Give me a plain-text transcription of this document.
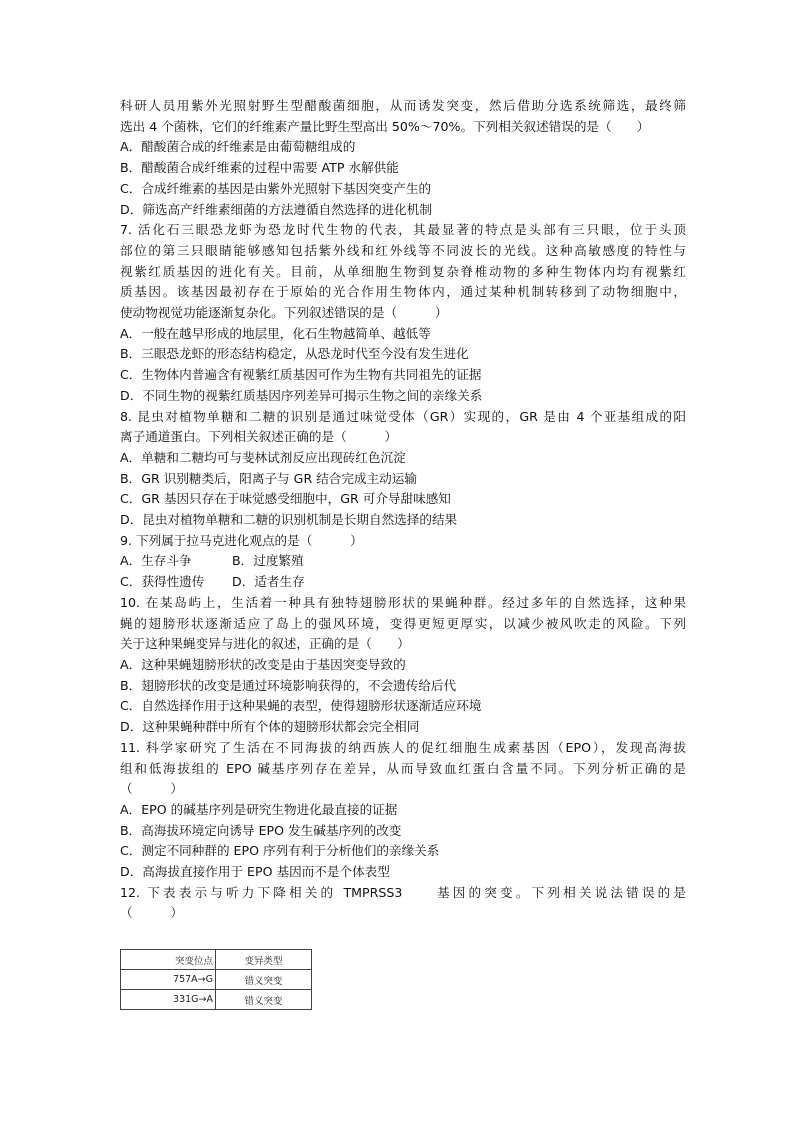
科研人员用紫外光照射野生型醋酸菌细胞，从而诱发突变，然后借助分选系统筛选，最终筛
选出 4 个菌株，它们的纤维素产量比野生型高出 50%～70%。下列相关叙述错误的是（　　）
A．醋酸菌合成的纤维素是由葡萄糖组成的
B．醋酸菌合成纤维素的过程中需要 ATP 水解供能
C．合成纤维素的基因是由紫外光照射下基因突变产生的
D．筛选高产纤维素细菌的方法遵循自然选择的进化机制
7. 活化石三眼恐龙虾为恐龙时代生物的代表，其最显著的特点是头部有三只眼，位于头顶
部位的第三只眼睛能够感知包括紫外线和红外线等不同波长的光线。这种高敏感度的特性与
视紫红质基因的进化有关。目前，从单细胞生物到复杂脊椎动物的多种生物体内均有视紫红
质基因。该基因最初存在于原始的光合作用生物体内，通过某种机制转移到了动物细胞中，
使动物视觉功能逐渐复杂化。下列叙述错误的是（　　　）
A．一般在越早形成的地层里，化石生物越简单、越低等
B．三眼恐龙虾的形态结构稳定，从恐龙时代至今没有发生进化
C．生物体内普遍含有视紫红质基因可作为生物有共同祖先的证据
D．不同生物的视紫红质基因序列差异可揭示生物之间的亲缘关系
8. 昆虫对植物单糖和二糖的识别是通过味觉受体（GR）实现的，GR 是由 4 个亚基组成的阳
离子通道蛋白。下列相关叙述正确的是（　　　）
A．单糖和二糖均可与斐林试剂反应出现砖红色沉淀
B．GR 识别糖类后，阳离子与 GR 结合完成主动运输
C．GR 基因只存在于味觉感受细胞中，GR 可介导甜味感知
D．昆虫对植物单糖和二糖的识别机制是长期自然选择的结果
9. 下列属于拉马克进化观点的是（　　　）
A．生存斗争	B．过度繁殖
C．获得性遗传 D．适者生存
10. 在某岛屿上，生活着一种具有独特翅膀形状的果蝇种群。经过多年的自然选择，这种果
蝇的翅膀形状逐渐适应了岛上的强风环境，变得更短更厚实，以减少被风吹走的风险。下列
关于这种果蝇变异与进化的叙述，正确的是（　　）
A．这种果蝇翅膀形状的改变是由于基因突变导致的
B．翅膀形状的改变是通过环境影响获得的，不会遗传给后代
C．自然选择作用于这种果蝇的表型，使得翅膀形状逐渐适应环境
D．这种果蝇种群中所有个体的翅膀形状都会完全相同
11. 科学家研究了生活在不同海拔的纳西族人的促红细胞生成素基因（EPO），发现高海拔
组和低海拔组的 EPO 碱基序列存在差异，从而导致血红蛋白含量不同。下列分析正确的是
（　　　）
A．EPO 的碱基序列是研究生物进化最直接的证据
B．高海拔环境定向诱导 EPO 发生碱基序列的改变
C．测定不同种群的 EPO 序列有利于分析他们的亲缘关系
D．高海拔直接作用于 EPO 基因而不是个体表型
12. 下表表示与听力下降相关的 TMPRSS3　　基因的突变。下列相关说法错误的是
（　　　）
突变位点	变异类型
757A→G	错义突变
331G→A	错义突变
